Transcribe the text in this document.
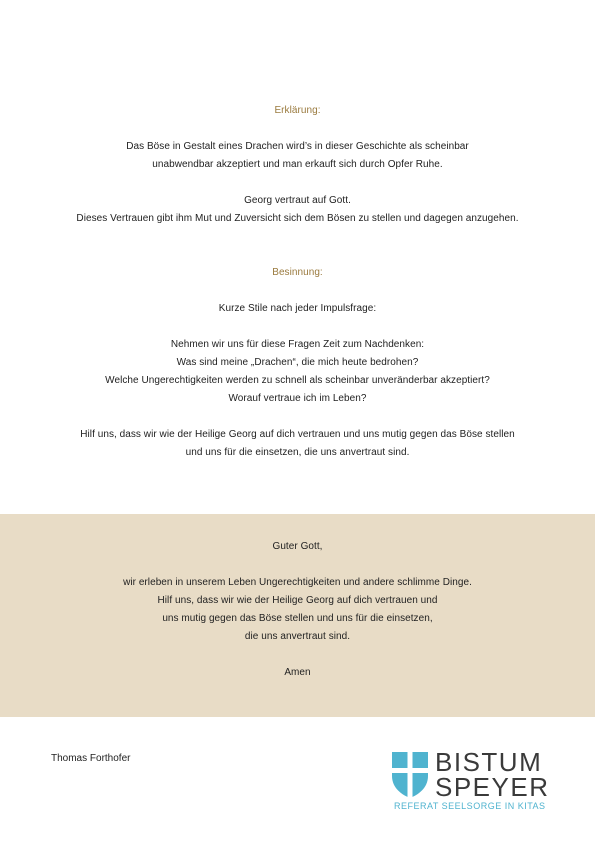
Erklärung:
Das Böse in Gestalt eines Drachen wird’s in dieser Geschichte als scheinbar
unabwendbar akzeptiert und man erkauft sich durch Opfer Ruhe.
Georg vertraut auf Gott.
Dieses Vertrauen gibt ihm Mut und Zuversicht sich dem Bösen zu stellen und dagegen anzugehen.
Besinnung:
Kurze Stile nach jeder Impulsfrage:
Nehmen wir uns für diese Fragen Zeit zum Nachdenken:
Was sind meine „Drachen“, die mich heute bedrohen?
Welche Ungerechtigkeiten werden zu schnell als scheinbar unveränderbar akzeptiert?
Worauf vertraue ich im Leben?
Hilf uns, dass wir wie der Heilige Georg auf dich vertrauen und uns mutig gegen das Böse stellen
und uns für die einsetzen, die uns anvertraut sind.
Guter Gott,
wir erleben in unserem Leben Ungerechtigkeiten und andere schlimme Dinge.
Hilf uns, dass wir wie der Heilige Georg auf dich vertrauen und
uns mutig gegen das Böse stellen und uns für die einsetzen,
die uns anvertraut sind.
Amen
Thomas Forthofer	BISTUM
SPEYER
REFERAT SEELSORGE IN KITAS
